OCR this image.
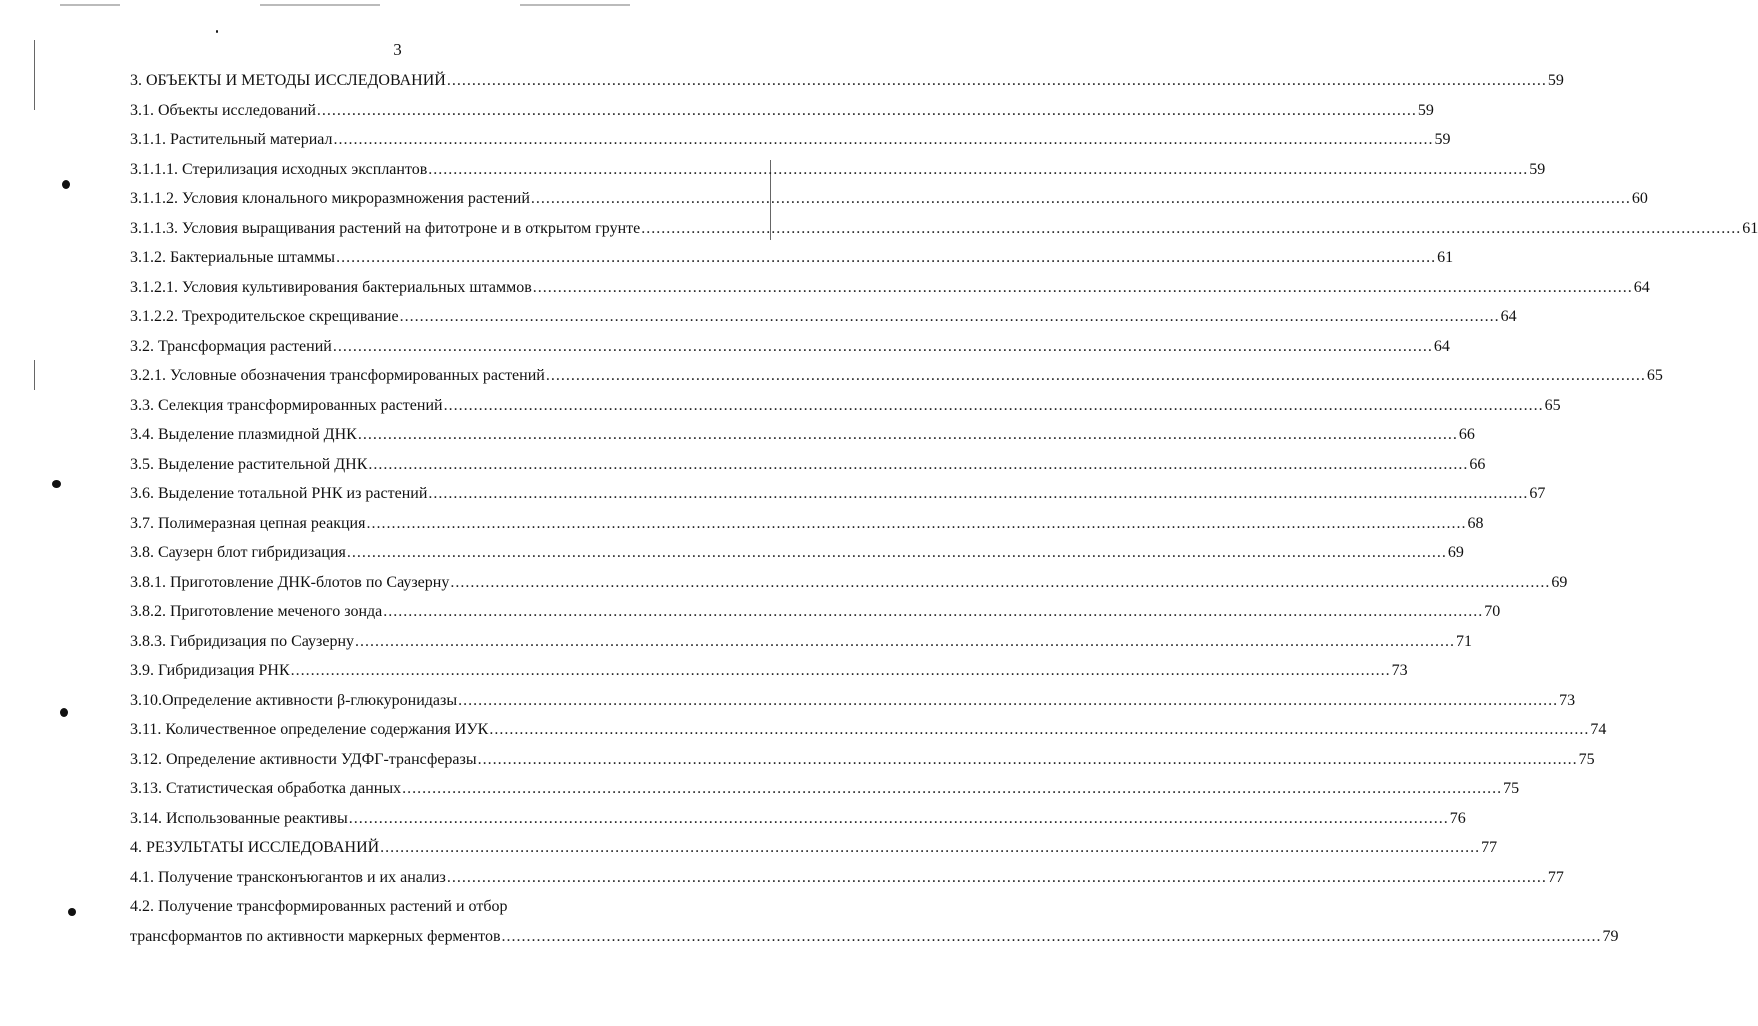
3
3. ОБЪЕКТЫ И МЕТОДЫ ИССЛЕДОВАНИЙ ............................................................................................................................................................................................................................ 59
3.1. Объекты исследований ............................................................................................................................................................................................................................ 59
3.1.1. Растительный материал ............................................................................................................................................................................................................................ 59
3.1.1.1. Стерилизация исходных эксплантов ............................................................................................................................................................................................................................ 59
3.1.1.2. Условия клонального микроразмножения растений ............................................................................................................................................................................................................................ 60
3.1.1.3. Условия выращивания растений на фитотроне и в открытом грунте ............................................................................................................................................................................................................................ 61
3.1.2. Бактериальные штаммы ............................................................................................................................................................................................................................ 61
3.1.2.1. Условия культивирования бактериальных штаммов ............................................................................................................................................................................................................................ 64
3.1.2.2. Трехродительское скрещивание ............................................................................................................................................................................................................................ 64
3.2. Трансформация растений ............................................................................................................................................................................................................................ 64
3.2.1. Условные обозначения трансформированных растений ............................................................................................................................................................................................................................ 65
3.3. Селекция трансформированных растений ............................................................................................................................................................................................................................ 65
3.4. Выделение плазмидной ДНК ............................................................................................................................................................................................................................ 66
3.5. Выделение растительной ДНК ............................................................................................................................................................................................................................ 66
3.6. Выделение тотальной РНК из растений ............................................................................................................................................................................................................................ 67
3.7. Полимеразная цепная реакция ............................................................................................................................................................................................................................ 68
3.8. Саузерн блот гибридизация ............................................................................................................................................................................................................................ 69
3.8.1. Приготовление ДНК-блотов по Саузерну ............................................................................................................................................................................................................................ 69
3.8.2. Приготовление меченого зонда ............................................................................................................................................................................................................................ 70
3.8.3. Гибридизация по Саузерну ............................................................................................................................................................................................................................ 71
3.9. Гибридизация РНК ............................................................................................................................................................................................................................ 73
3.10.Определение активности β-глюкуронидазы ............................................................................................................................................................................................................................ 73
3.11. Количественное определение содержания ИУК ............................................................................................................................................................................................................................ 74
3.12. Определение активности УДФГ-трансферазы ............................................................................................................................................................................................................................ 75
3.13. Статистическая обработка данных ............................................................................................................................................................................................................................ 75
3.14. Использованные реактивы ............................................................................................................................................................................................................................ 76
4. РЕЗУЛЬТАТЫ ИССЛЕДОВАНИЙ ............................................................................................................................................................................................................................ 77
4.1. Получение трансконъюгантов и их анализ ............................................................................................................................................................................................................................ 77
4.2. Получение трансформированных растений и отбор
трансформантов по активности маркерных ферментов ............................................................................................................................................................................................................................ 79
